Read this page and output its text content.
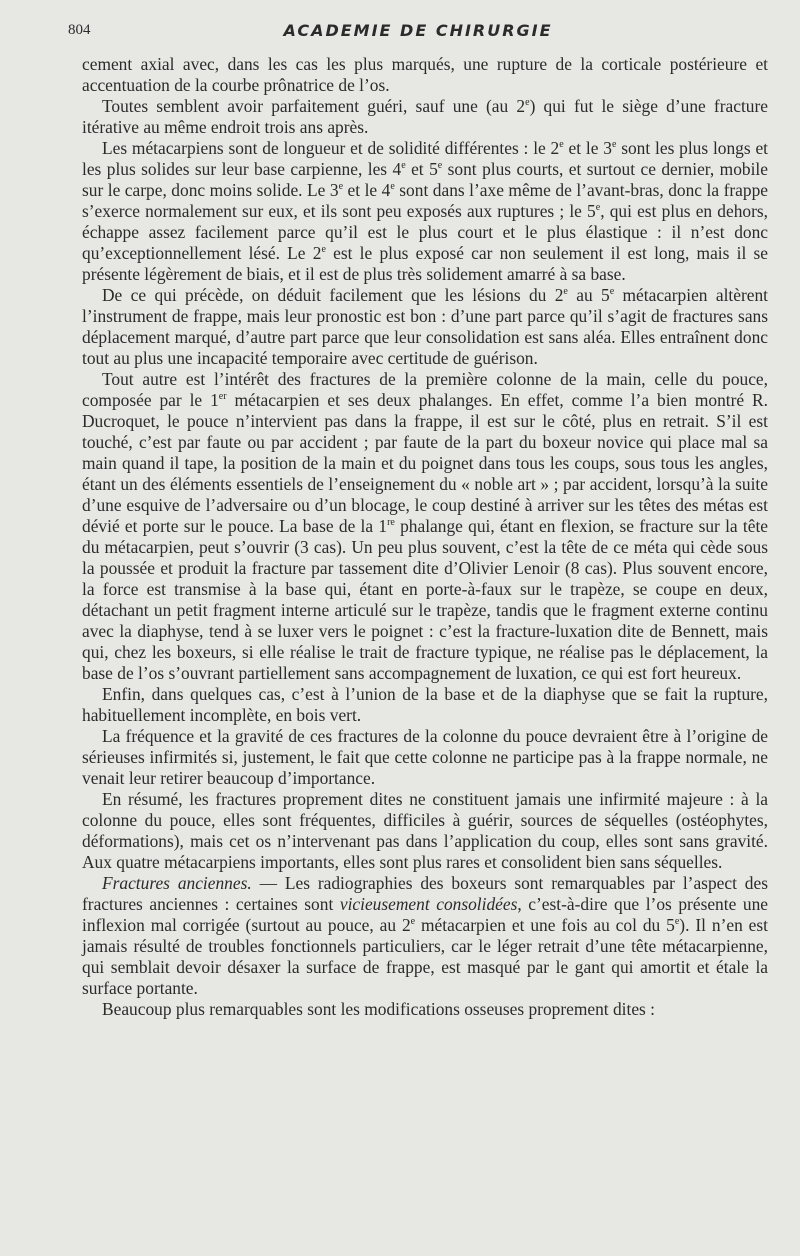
804	ACADEMIE DE CHIRURGIE

cement axial avec, dans les cas les plus marqués, une rupture de la corticale postérieure et accentuation de la courbe prônatrice de l’os.

Toutes semblent avoir parfaitement guéri, sauf une (au 2e) qui fut le siège d’une fracture itérative au même endroit trois ans après.

Les métacarpiens sont de longueur et de solidité différentes : le 2e et le 3e sont les plus longs et les plus solides sur leur base carpienne, les 4e et 5e sont plus courts, et surtout ce dernier, mobile sur le carpe, donc moins solide. Le 3e et le 4e sont dans l’axe même de l’avant-bras, donc la frappe s’exerce normalement sur eux, et ils sont peu exposés aux ruptures ; le 5e, qui est plus en dehors, échappe assez facilement parce qu’il est le plus court et le plus élastique : il n’est donc qu’exceptionnellement lésé. Le 2e est le plus exposé car non seulement il est long, mais il se présente légèrement de biais, et il est de plus très solidement amarré à sa base.

De ce qui précède, on déduit facilement que les lésions du 2e au 5e métacarpien altèrent l’instrument de frappe, mais leur pronostic est bon : d’une part parce qu’il s’agit de fractures sans déplacement marqué, d’autre part parce que leur consolidation est sans aléa. Elles entraînent donc tout au plus une incapacité temporaire avec certitude de guérison.

Tout autre est l’intérêt des fractures de la première colonne de la main, celle du pouce, composée par le 1er métacarpien et ses deux phalanges. En effet, comme l’a bien montré R. Ducroquet, le pouce n’intervient pas dans la frappe, il est sur le côté, plus en retrait. S’il est touché, c’est par faute ou par accident ; par faute de la part du boxeur novice qui place mal sa main quand il tape, la position de la main et du poignet dans tous les coups, sous tous les angles, étant un des éléments essentiels de l’enseignement du « noble art » ; par accident, lorsqu’à la suite d’une esquive de l’adversaire ou d’un blocage, le coup destiné à arriver sur les têtes des métas est dévié et porte sur le pouce. La base de la 1re phalange qui, étant en flexion, se fracture sur la tête du métacarpien, peut s’ouvrir (3 cas). Un peu plus souvent, c’est la tête de ce méta qui cède sous la poussée et produit la fracture par tassement dite d’Olivier Lenoir (8 cas). Plus souvent encore, la force est transmise à la base qui, étant en porte-à-faux sur le trapèze, se coupe en deux, détachant un petit fragment interne articulé sur le trapèze, tandis que le fragment externe continu avec la diaphyse, tend à se luxer vers le poignet : c’est la fracture-luxation dite de Bennett, mais qui, chez les boxeurs, si elle réalise le trait de fracture typique, ne réalise pas le déplacement, la base de l’os s’ouvrant partiellement sans accompagnement de luxation, ce qui est fort heureux.

Enfin, dans quelques cas, c’est à l’union de la base et de la diaphyse que se fait la rupture, habituellement incomplète, en bois vert.

La fréquence et la gravité de ces fractures de la colonne du pouce devraient être à l’origine de sérieuses infirmités si, justement, le fait que cette colonne ne participe pas à la frappe normale, ne venait leur retirer beaucoup d’importance.

En résumé, les fractures proprement dites ne constituent jamais une infirmité majeure : à la colonne du pouce, elles sont fréquentes, difficiles à guérir, sources de séquelles (ostéophytes, déformations), mais cet os n’intervenant pas dans l’application du coup, elles sont sans gravité. Aux quatre métacarpiens importants, elles sont plus rares et consolident bien sans séquelles.

Fractures anciennes. — Les radiographies des boxeurs sont remarquables par l’aspect des fractures anciennes : certaines sont vicieusement consolidées, c’est-à-dire que l’os présente une inflexion mal corrigée (surtout au pouce, au 2e métacarpien et une fois au col du 5e). Il n’en est jamais résulté de troubles fonctionnels particuliers, car le léger retrait d’une tête métacarpienne, qui semblait devoir désaxer la surface de frappe, est masqué par le gant qui amortit et étale la surface portante.

Beaucoup plus remarquables sont les modifications osseuses proprement dites :
